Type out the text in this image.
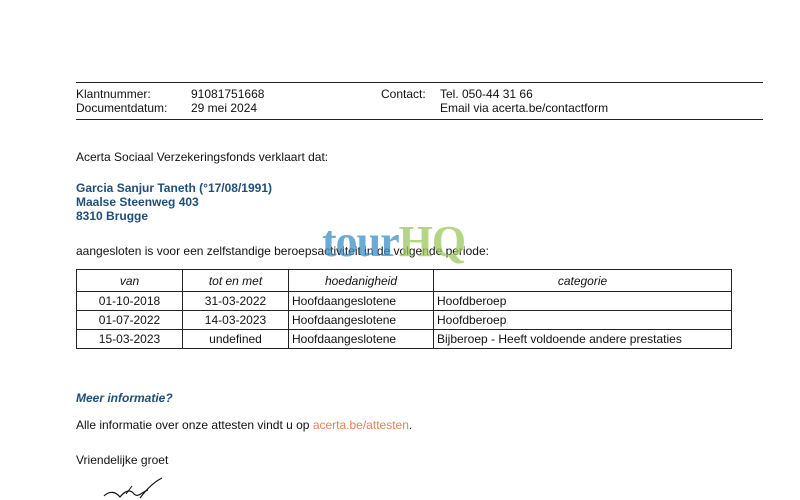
Klantnummer:	91081751668
Documentdatum: 29 mei 2024
Contact: Tel. 050-44 31 66
Email via acerta.be/contactform
Acerta Sociaal Verzekeringsfonds verklaart dat:
Garcia Sanjur Taneth (°17/08/1991)
Maalse Steenweg 403
8310 Brugge
aangesloten is voor een zelfstandige beroepsactiviteit in de volgende periode:
tourHQ
van	tot en met	hoedanigheid	categorie
01-10-2018	31-03-2022	Hoofdaangeslotene	Hoofdberoep
01-07-2022	14-03-2023	Hoofdaangeslotene	Hoofdberoep
15-03-2023	undefined	Hoofdaangeslotene	Bijberoep - Heeft voldoende andere prestaties
Meer informatie?
Alle informatie over onze attesten vindt u op acerta.be/attesten.
Vriendelijke groet
